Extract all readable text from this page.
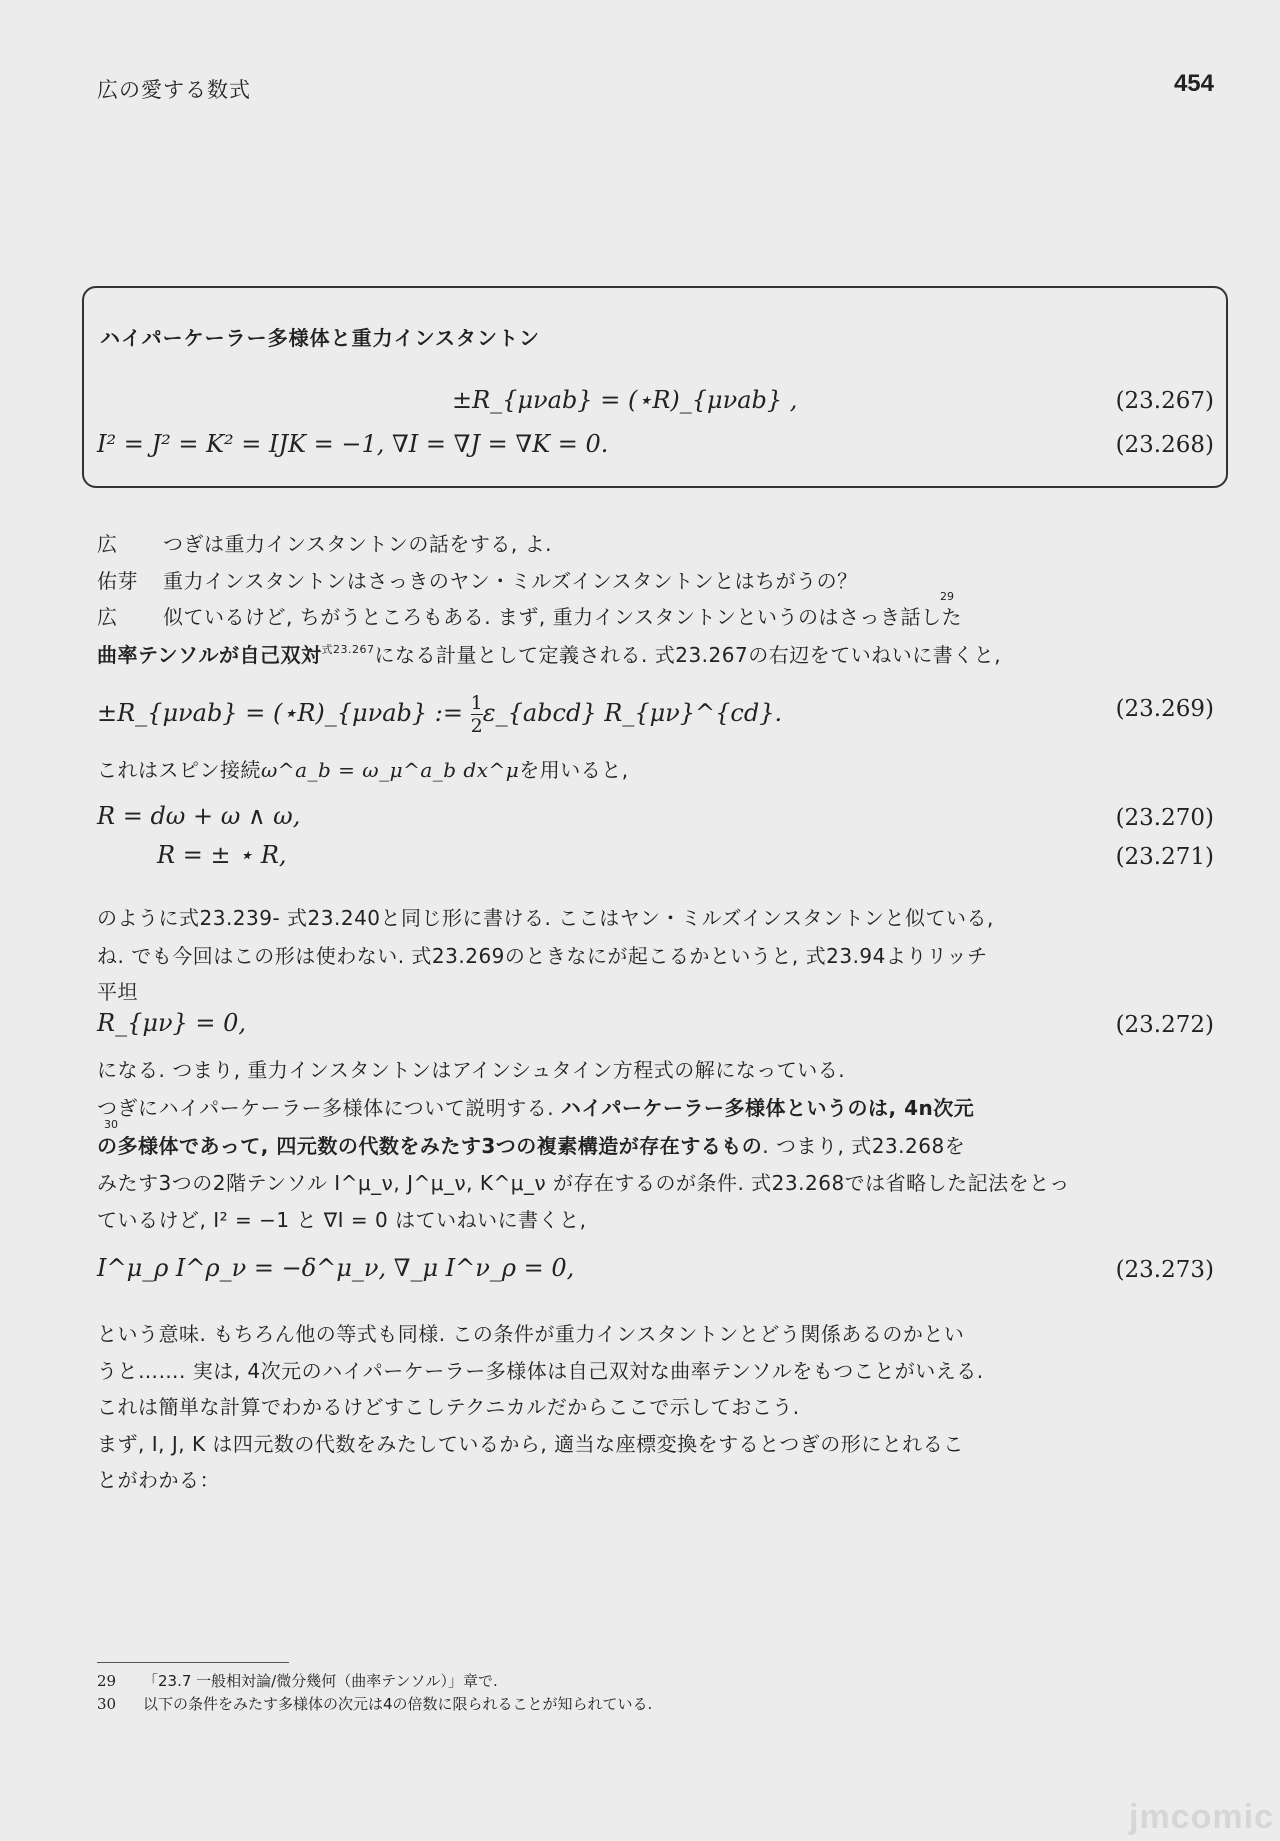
広の愛する数式	454
ハイパーケーラー多様体と重力インスタントン
±R_{μνab} = (⋆R)_{μνab} ,	(23.267)
I² = J² = K² = IJK = −1, ∇I = ∇J = ∇K = 0.	(23.268)
広 つぎは重力インスタントンの話をする, よ.
佑芽 重力インスタントンはさっきのヤン・ミルズインスタントンとはちがうの？
29
広 似ているけど, ちがうところもある. まず, 重力インスタントンというのはさっき話した
曲率テンソルが自己双対$^{式23.267}$になる計量として定義される. 式23.267の右辺をていねいに書くと,
±R_{μνab} = (⋆R)_{μνab} := $\frac{1}{2}$ ε_{abcd} R_{μν}^{cd}.	(23.269)
これはスピン接続ω^a_b = ω_μ^a_b dx^μを用いると,
R = dω + ω ∧ ω,	(23.270)
R = ± ⋆ R,	(23.271)
のように式23.239- 式23.240と同じ形に書ける. ここはヤン・ミルズインスタントンと似ている,
ね. でも今回はこの形は使わない. 式23.269のときなにが起こるかというと, 式23.94よりリッチ
平坦
R_{μν} = 0,	(23.272)
になる. つまり, 重力インスタントンはアインシュタイン方程式の解になっている.
つぎにハイパーケーラー多様体について説明する. ハイパーケーラー多様体というのは, 4n次元
30
の多様体であって, 四元数の代数をみたす3つの複素構造が存在するもの. つまり, 式23.268を
みたす3つの2階テンソル I^μ_ν, J^μ_ν, K^μ_ν が存在するのが条件. 式23.268では省略した記法をとっ
ているけど, I² = −1 と ∇I = 0 はていねいに書くと,
I^μ_ρ I^ρ_ν = −δ^μ_ν, ∇_μ I^ν_ρ = 0,	(23.273)
という意味. もちろん他の等式も同様. この条件が重力インスタントンとどう関係あるのかとい
うと……. 実は, 4次元のハイパーケーラー多様体は自己双対な曲率テンソルをもつことがいえる.
これは簡単な計算でわかるけどすこしテクニカルだからここで示しておこう.
まず, I, J, K は四元数の代数をみたしているから, 適当な座標変換をするとつぎの形にとれるこ
とがわかる：
29 「23.7 一般相対論/微分幾何（曲率テンソル）」章で.
30 以下の条件をみたす多様体の次元は4の倍数に限られることが知られている.
jmcomic
